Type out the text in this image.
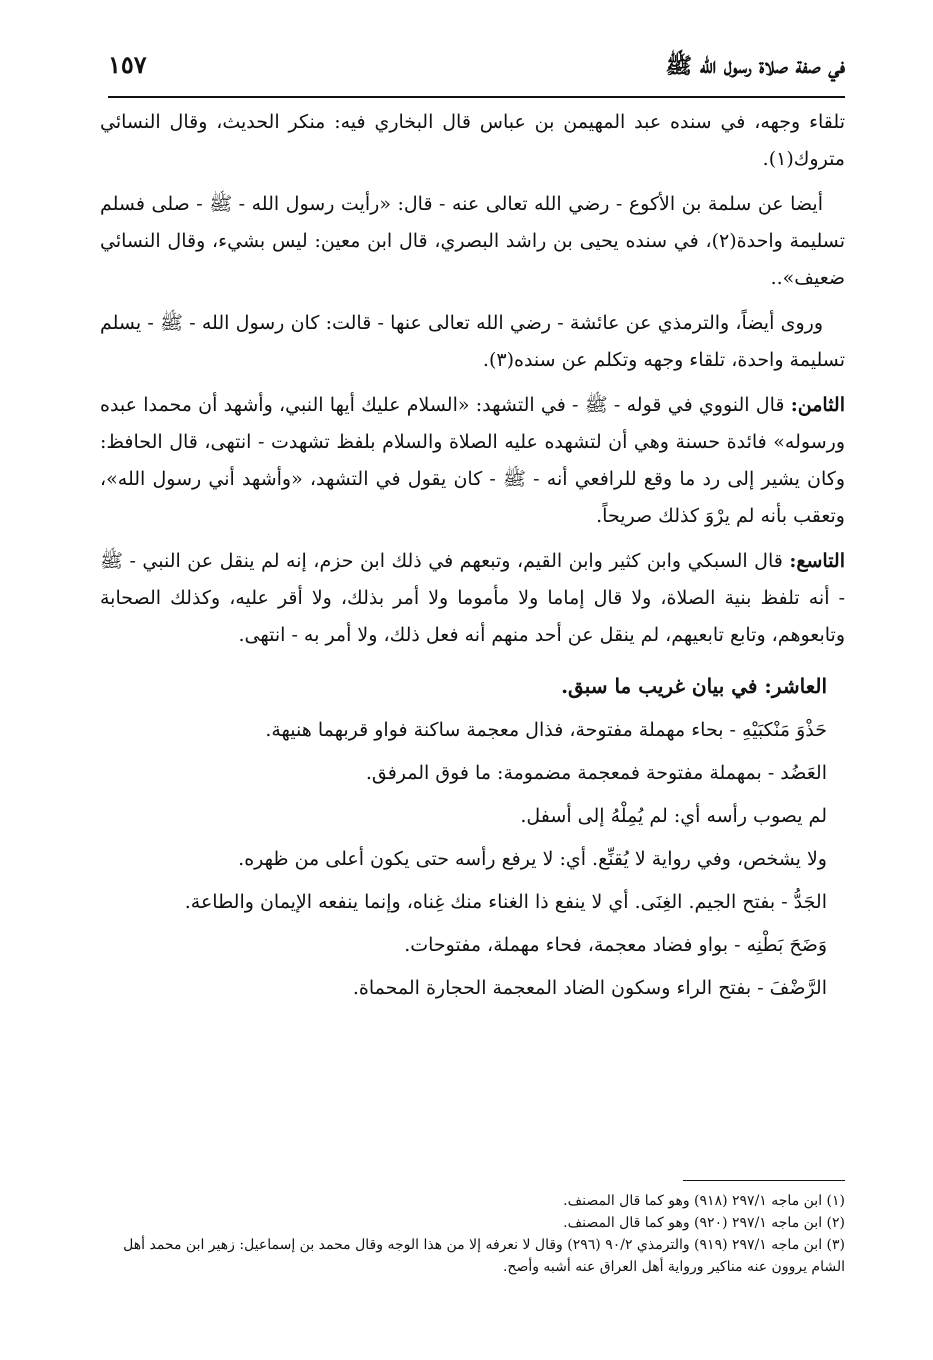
في صفة صلاة رسول الله ﷺ
١٥٧

تلقاء وجهه، في سنده عبد المهيمن بن عباس قال البخاري فيه: منكر الحديث، وقال النسائي متروك(١).

أيضا عن سلمة بن الأكوع - رضي الله تعالى عنه - قال: «رأيت رسول الله - ﷺ - صلى فسلم تسليمة واحدة(٢)، في سنده يحيى بن راشد البصري، قال ابن معين: ليس بشيء، وقال النسائي ضعيف»..

وروى أيضاً، والترمذي عن عائشة - رضي الله تعالى عنها - قالت: كان رسول الله - ﷺ - يسلم تسليمة واحدة، تلقاء وجهه وتكلم عن سنده(٣).

الثامن: قال النووي في قوله - ﷺ - في التشهد: «السلام عليك أيها النبي، وأشهد أن محمدا عبده ورسوله» فائدة حسنة وهي أن لتشهده عليه الصلاة والسلام بلفظ تشهدت - انتهى، قال الحافظ: وكان يشير إلى رد ما وقع للرافعي أنه - ﷺ - كان يقول في التشهد، «وأشهد أني رسول الله»، وتعقب بأنه لم يرْوَ كذلك صريحاً.

التاسع: قال السبكي وابن كثير وابن القيم، وتبعهم في ذلك ابن حزم، إنه لم ينقل عن النبي - ﷺ - أنه تلفظ بنية الصلاة، ولا قال إماما ولا مأموما ولا أمر بذلك، ولا أقر عليه، وكذلك الصحابة وتابعوهم، وتابع تابعيهم، لم ينقل عن أحد منهم أنه فعل ذلك، ولا أمر به - انتهى.

العاشر: في بيان غريب ما سبق.
حَذْوَ مَنْكبَيْهِ - بحاء مهملة مفتوحة، فذال معجمة ساكنة فواو قربهما هنيهة.
العَضُد - بمهملة مفتوحة فمعجمة مضمومة: ما فوق المرفق.
لم يصوب رأسه أي: لم يُمِلْهُ إلى أسفل.
ولا يشخص، وفي رواية لا يُقنِّع. أي: لا يرفع رأسه حتى يكون أعلى من ظهره.
الجَدُّ - بفتح الجيم. الغِنَى. أي لا ينفع ذا الغناء منك غِناه، وإنما ينفعه الإيمان والطاعة.
وَضَحَ بَطْنِه - بواو فضاد معجمة، فحاء مهملة، مفتوحات.
الرَّضْفَ - بفتح الراء وسكون الضاد المعجمة الحجارة المحماة.

(١) ابن ماجه ٢٩٧/١ (٩١٨) وهو كما قال المصنف.

(٢) ابن ماجه ٢٩٧/١ (٩٢٠) وهو كما قال المصنف.

(٣) ابن ماجه ٢٩٧/١ (٩١٩) والترمذي ٩٠/٢ (٢٩٦) وقال لا نعرفه إلا من هذا الوجه وقال محمد بن إسماعيل: زهير ابن محمد أهل الشام يروون عنه مناكير ورواية أهل العراق عنه أشبه وأصح.
